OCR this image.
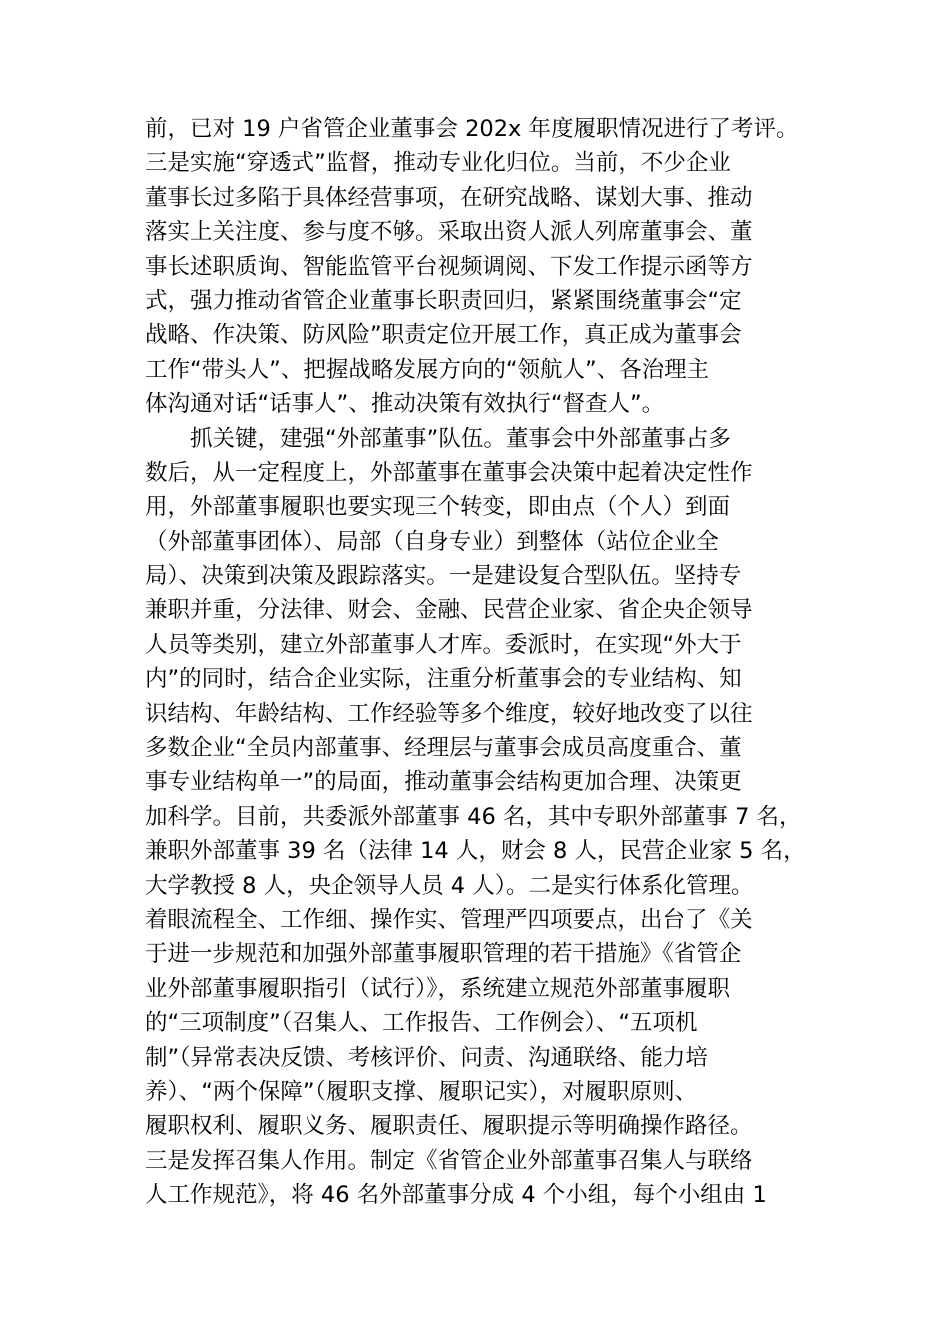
前，已对 19 户省管企业董事会 202x 年度履职情况进行了考评。
三是实施“穿透式”监督，推动专业化归位。当前，不少企业
董事长过多陷于具体经营事项，在研究战略、谋划大事、推动
落实上关注度、参与度不够。采取出资人派人列席董事会、董
事长述职质询、智能监管平台视频调阅、下发工作提示函等方
式，强力推动省管企业董事长职责回归，紧紧围绕董事会“定
战略、作决策、防风险”职责定位开展工作，真正成为董事会
工作“带头人”、把握战略发展方向的“领航人”、各治理主
体沟通对话“话事人”、推动决策有效执行“督查人”。
抓关键，建强“外部董事”队伍。董事会中外部董事占多
数后，从一定程度上，外部董事在董事会决策中起着决定性作
用，外部董事履职也要实现三个转变，即由点（个人）到面
（外部董事团体）、局部（自身专业）到整体（站位企业全
局）、决策到决策及跟踪落实。一是建设复合型队伍。坚持专
兼职并重，分法律、财会、金融、民营企业家、省企央企领导
人员等类别，建立外部董事人才库。委派时，在实现“外大于
内”的同时，结合企业实际，注重分析董事会的专业结构、知
识结构、年龄结构、工作经验等多个维度，较好地改变了以往
多数企业“全员内部董事、经理层与董事会成员高度重合、董
事专业结构单一”的局面，推动董事会结构更加合理、决策更
加科学。目前，共委派外部董事 46 名，其中专职外部董事 7 名，
兼职外部董事 39 名（法律 14 人，财会 8 人，民营企业家 5 名，
大学教授 8 人，央企领导人员 4 人）。二是实行体系化管理。
着眼流程全、工作细、操作实、管理严四项要点，出台了《关
于进一步规范和加强外部董事履职管理的若干措施》《省管企
业外部董事履职指引（试行）》，系统建立规范外部董事履职
的“三项制度”（召集人、工作报告、工作例会）、“五项机
制”（异常表决反馈、考核评价、问责、沟通联络、能力培
养）、“两个保障”（履职支撑、履职记实），对履职原则、
履职权利、履职义务、履职责任、履职提示等明确操作路径。
三是发挥召集人作用。制定《省管企业外部董事召集人与联络
人工作规范》，将 46 名外部董事分成 4 个小组，每个小组由 1
